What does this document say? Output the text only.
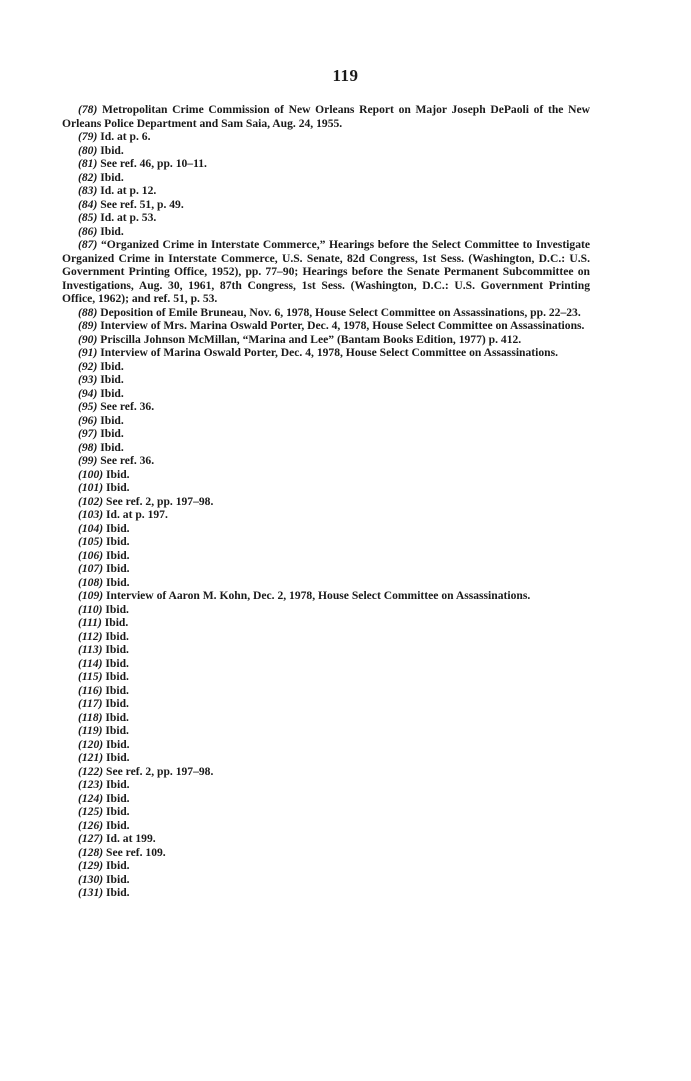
119

(78) Metropolitan Crime Commission of New Orleans Report on Major Joseph DePaoli of the New Orleans Police Department and Sam Saia, Aug. 24, 1955.

(79) Id. at p. 6.

(80) Ibid.

(81) See ref. 46, pp. 10–11.

(82) Ibid.

(83) Id. at p. 12.

(84) See ref. 51, p. 49.

(85) Id. at p. 53.

(86) Ibid.

(87) “Organized Crime in Interstate Commerce,” Hearings before the Select Committee to Investigate Organized Crime in Interstate Commerce, U.S. Senate, 82d Congress, 1st Sess. (Washington, D.C.: U.S. Government Printing Office, 1952), pp. 77–90; Hearings before the Senate Permanent Subcommittee on Investigations, Aug. 30, 1961, 87th Congress, 1st Sess. (Washington, D.C.: U.S. Government Printing Office, 1962); and ref. 51, p. 53.

(88) Deposition of Emile Bruneau, Nov. 6, 1978, House Select Committee on Assassinations, pp. 22–23.

(89) Interview of Mrs. Marina Oswald Porter, Dec. 4, 1978, House Select Committee on Assassinations.

(90) Priscilla Johnson McMillan, “Marina and Lee” (Bantam Books Edition, 1977) p. 412.

(91) Interview of Marina Oswald Porter, Dec. 4, 1978, House Select Committee on Assassinations.

(92) Ibid.

(93) Ibid.

(94) Ibid.

(95) See ref. 36.

(96) Ibid.

(97) Ibid.

(98) Ibid.

(99) See ref. 36.

(100) Ibid.

(101) Ibid.

(102) See ref. 2, pp. 197–98.

(103) Id. at p. 197.

(104) Ibid.

(105) Ibid.

(106) Ibid.

(107) Ibid.

(108) Ibid.

(109) Interview of Aaron M. Kohn, Dec. 2, 1978, House Select Committee on Assassinations.

(110) Ibid.

(111) Ibid.

(112) Ibid.

(113) Ibid.

(114) Ibid.

(115) Ibid.

(116) Ibid.

(117) Ibid.

(118) Ibid.

(119) Ibid.

(120) Ibid.

(121) Ibid.

(122) See ref. 2, pp. 197–98.

(123) Ibid.

(124) Ibid.

(125) Ibid.

(126) Ibid.

(127) Id. at 199.

(128) See ref. 109.

(129) Ibid.

(130) Ibid.

(131) Ibid.
